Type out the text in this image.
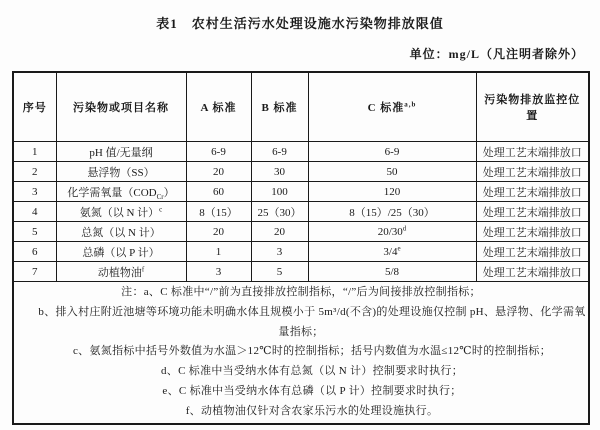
表1　农村生活污水处理设施水污染物排放限值
单位：mg/L（凡注明者除外）
序号	污染物或项目名称	A 标准	B 标准	C 标准$^{a,b}$	污染物排放监控位置
1	pH 值/无量纲	6-9	6-9	6-9	处理工艺末端排放口
2	悬浮物（SS）	20	30	50	处理工艺末端排放口
3	化学需氧量$(COD_{Cr})$	60	100	120	处理工艺末端排放口
4	氨氮（以 N 计）$^c$	8（15）	25（30）	8（15）/25（30）	处理工艺末端排放口
5	总氮（以 N 计）	20	20	20/30$^d$	处理工艺末端排放口
6	总磷（以 P 计）	1	3	3/4e	处理工艺末端排放口
7	动植物油$^f$	3	5	5/8	处理工艺末端排放口

注：a、C 标准中“/”前为直接排放控制指标，“/”后为间接排放控制指标；
b、排入村庄附近池塘等环境功能未明确水体且规模小于 5m³/d(不含)的处理设施仅控制 pH、悬浮物、化学需氧量指标；
c、氨氮指标中括号外数值为水温＞12℃时的控制指标；括号内数值为水温≤12℃时的控制指标；
d、C 标准中当受纳水体有总氮（以 N 计）控制要求时执行；
e、C 标准中当受纳水体有总磷（以 P 计）控制要求时执行；
f、动植物油仅针对含农家乐污水的处理设施执行。
